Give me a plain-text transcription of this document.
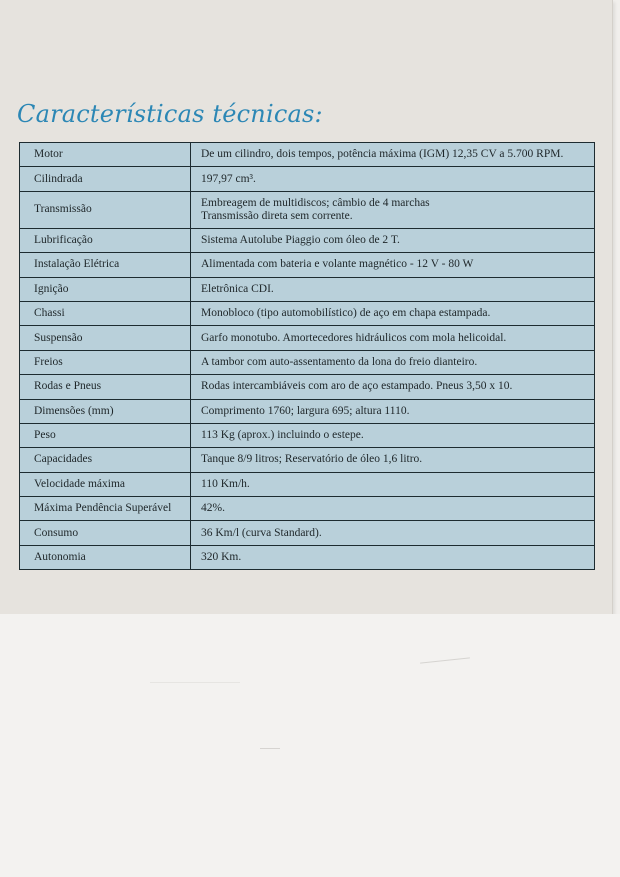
Características técnicas:
Motor	De um cilindro, dois tempos, potência máxima (IGM) 12,35 CV a 5.700 RPM.

Cilindrada	197,97 cm³.

Transmissão	Embreagem de multidiscos; câmbio de 4 marchas
Transmissão direta sem corrente.

Lubrificação	Sistema Autolube Piaggio com óleo de 2 T.

Instalação Elétrica	Alimentada com bateria e volante magnético - 12 V - 80 W

Ignição	Eletrônica CDI.

Chassi	Monobloco (tipo automobilístico) de aço em chapa estampada.

Suspensão	Garfo monotubo. Amortecedores hidráulicos com mola helicoidal.

Freios	A tambor com auto-assentamento da lona do freio dianteiro.

Rodas e Pneus	Rodas intercambiáveis com aro de aço estampado. Pneus 3,50 x 10.

Dimensões (mm)	Comprimento 1760; largura 695; altura 1110.

Peso	113 Kg (aprox.) incluindo o estepe.

Capacidades	Tanque 8/9 litros; Reservatório de óleo 1,6 litro.

Velocidade máxima	110 Km/h.

Máxima Pendência Superável	42%.

Consumo	36 Km/l (curva Standard).

Autonomia	320 Km.
